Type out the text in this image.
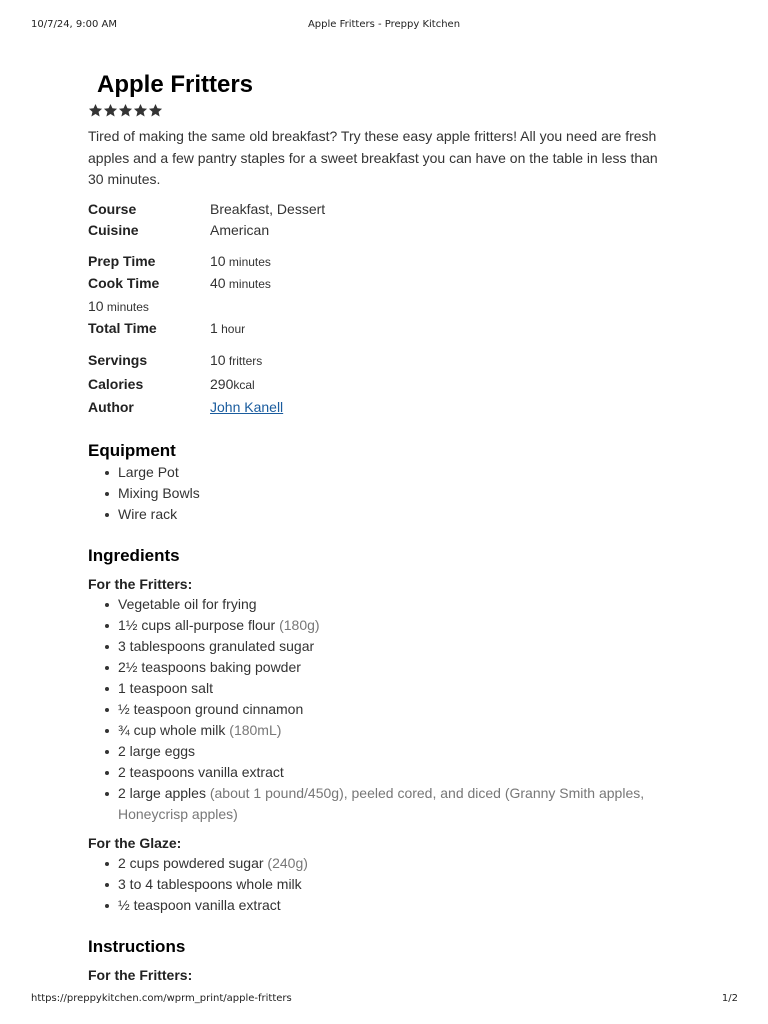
10/7/24, 9:00 AM	Apple Fritters - Preppy Kitchen
Apple Fritters

Tired of making the same old breakfast? Try these easy apple fritters! All you need are fresh apples and a few pantry staples for a sweet breakfast you can have on the table in less than 30 minutes.

Course	Breakfast, Dessert
Cuisine	American
Prep Time	10 minutes
Cook Time	40 minutes
10 minutes
Total Time	1 hour
Servings	10 fritters
Calories	290kcal
Author	John Kanell
Equipment
Large Pot
Mixing Bowls
Wire rack
Ingredients
For the Fritters:
Vegetable oil for frying
1½ cups all-purpose flour (180g)
3 tablespoons granulated sugar
2½ teaspoons baking powder
1 teaspoon salt
½ teaspoon ground cinnamon
¾ cup whole milk (180mL)
2 large eggs
2 teaspoons vanilla extract
2 large apples (about 1 pound/450g), peeled cored, and diced (Granny Smith apples, Honeycrisp apples)
For the Glaze:
2 cups powdered sugar (240g)
3 to 4 tablespoons whole milk
½ teaspoon vanilla extract
Instructions
For the Fritters:
https://preppykitchen.com/wprm_print/apple-fritters	1/2
